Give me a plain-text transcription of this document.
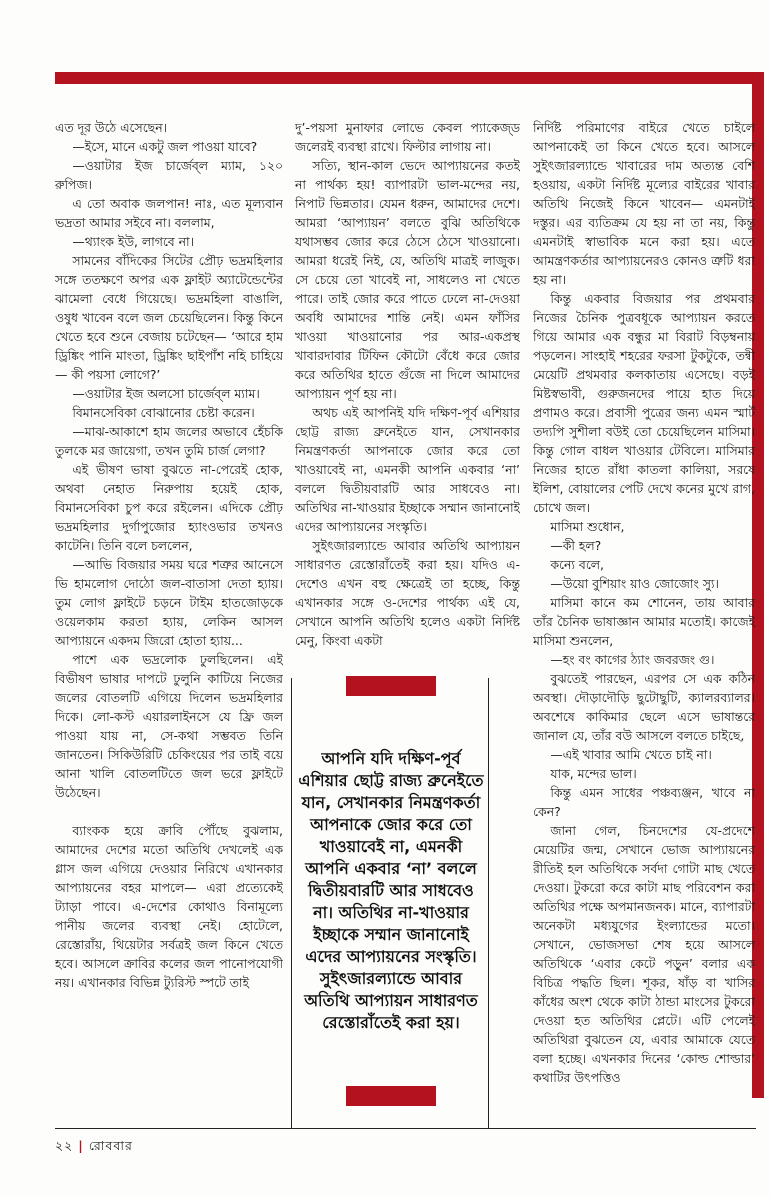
এত দূর উঠে এসেছেন।

—ইসে, মানে একটু জল পাওয়া যাবে?

—ওয়াটার ইজ চার্জেব্‌ল ম্যাম, ১২০ রুপিজ।

এ তো অবাক জলপান! নাঃ, এত মূল্যবান ভদ্রতা আমার সইবে না। বললাম,

—থ্যাংক ইউ, লাগবে না।

সামনের বাঁদিকের সিটের প্রৌঢ় ভদ্রমহিলার সঙ্গে ততক্ষণে অপর এক ফ্লাইট অ্যাটেন্ডেন্টের ঝামেলা বেধে গিয়েছে। ভদ্রমহিলা বাঙালি, ওষুধ খাবেন বলে জল চেয়েছিলেন। কিন্তু কিনে খেতে হবে শুনে বেজায় চটেছেন— ‘আরে হাম ড্রিঙ্কিং পানি মাংতা, ড্রিঙ্কিং ছাইপাঁশ নহি চাহিয়ে— কী পয়সা লোগে?’

—ওয়াটার ইজ অলসো চার্জেব্‌ল ম্যাম।

বিমানসেবিকা বোঝানোর চেষ্টা করেন।

—মাঝ-আকাশে হাম জলের অভাবে হেঁচকি তুলকে মর জায়েগা, তখন তুমি চার্জ লেগা?

এই ভীষণ ভাষা বুঝতে না-পেরেই হোক, অথবা নেহাত নিরুপায় হয়েই হোক, বিমানসেবিকা চুপ করে রইলেন। এদিকে প্রৌঢ় ভদ্রমহিলার দুর্গাপুজোর হ্যাংওভার তখনও কাটেনি। তিনি বলে চললেন,

—আভি বিজয়ার সময় ঘরে শত্রুর আনেসে ভি হামলোগ দোঠো জল-বাতাসা দেতা হ্যায়। তুম লোগ ফ্লাইটে চড়নে টাইম হাতজোড়কে ওয়েলকাম করতা হ্যায়, লেকিন আসল আপ্যায়নে একদম জিরো হোতা হ্যায়...

পাশে এক ভদ্রলোক ঢুলছিলেন। এই বিভীষণ ভাষার দাপটে ঢুলুনি কাটিয়ে নিজের জলের বোতলটি এগিয়ে দিলেন ভদ্রমহিলার দিকে। লো-কস্ট এয়ারলাইনসে যে ফ্রি জল পাওয়া যায় না, সে-কথা সম্ভবত তিনি জানতেন। সিকিউরিটি চেকিংয়ের পর তাই বয়ে আনা খালি বোতলটিতে জল ভরে ফ্লাইটে উঠেছেন।

ব্যাংকক হয়ে ক্রাবি পৌঁছে বুঝলাম, আমাদের দেশের মতো অতিথি দেখলেই এক গ্লাস জল এগিয়ে দেওয়ার নিরিখে এখানকার আপ্যায়নের বহর মাপলে— এরা প্রত্যেকেই ট্যাড়া পাবে। এ-দেশের কোথাও বিনামূল্যে পানীয় জলের ব্যবস্থা নেই। হোটেলে, রেস্তোরাঁয়, থিয়েটার সর্বত্রই জল কিনে খেতে হবে। আসলে ক্রাবির কলের জল পানোপযোগী নয়। এখানকার বিভিন্ন ট্যুরিস্ট স্পটে তাই

দু’-পয়সা মুনাফার লোভে কেবল প্যাকেজ্‌ড জলেরই ব্যবস্থা রাখে। ফিল্টার লাগায় না।

সত্যি, স্থান-কাল ভেদে আপ্যায়নের কতই না পার্থক্য হয়! ব্যাপারটা ভাল-মন্দের নয়, নিপাট ভিন্নতার। যেমন ধরুন, আমাদের দেশে। আমরা ‘আপ্যায়ন’ বলতে বুঝি অতিথিকে যথাসম্ভব জোর করে ঠেসে ঠেসে খাওয়ানো। আমরা ধরেই নিই, যে, অতিথি মাত্রই লাজুক। সে চেয়ে তো খাবেই না, সাধলেও না খেতে পারে। তাই জোর করে পাতে ঢেলে না-দেওয়া অবধি আমাদের শান্তি নেই। এমন ফাঁসির খাওয়া খাওয়ানোর পর আর-একপ্রস্থ খাবারদাবার টিফিন কৌটো বেঁধে করে জোর করে অতিথির হাতে গুঁজে না দিলে আমাদের আপ্যায়ন পূর্ণ হয় না।

অথচ এই আপনিই যদি দক্ষিণ-পূর্ব এশিয়ার ছোট্ট রাজ্য ব্রুনেইতে যান, সেখানকার নিমন্ত্রণকর্তা আপনাকে জোর করে তো খাওয়াবেই না, এমনকী আপনি একবার ‘না’ বললে দ্বিতীয়বারটি আর সাধবেও না। অতিথির না-খাওয়ার ইচ্ছাকে সম্মান জানানোই এদের আপ্যায়নের সংস্কৃতি।

সুইৎজারল্যান্ডে আবার অতিথি আপ্যায়ন সাধারণত রেস্তোরাঁতেই করা হয়। যদিও এ-দেশেও এখন বহু ক্ষেত্রেই তা হচ্ছে, কিন্তু এখানকার সঙ্গে ও-দেশের পার্থক্য এই যে, সেখানে আপনি অতিথি হলেও একটা নির্দিষ্ট মেনু, কিংবা একটা

আপনি যদি দক্ষিণ-পূর্ব এশিয়ার ছোট্ট রাজ্য ব্রুনেইতে যান, সেখানকার নিমন্ত্রণকর্তা আপনাকে জোর করে তো খাওয়াবেই না, এমনকী আপনি একবার ‘না’ বললে দ্বিতীয়বারটি আর সাধবেও না। অতিথির না-খাওয়ার ইচ্ছাকে সম্মান জানানোই এদের আপ্যায়নের সংস্কৃতি। সুইৎজারল্যান্ডে আবার অতিথি আপ্যায়ন সাধারণত রেস্তোরাঁতেই করা হয়।

নির্দিষ্ট পরিমাণের বাইরে খেতে চাইলে আপনাকেই তা কিনে খেতে হবে। আসলে সুইৎজারল্যান্ডে খাবারের দাম অত্যন্ত বেশি হওয়ায়, একটা নির্দিষ্ট মূল্যের বাইরের খাবার অতিথি নিজেই কিনে খাবেন— এমনটাই দস্তুর। এর ব্যতিক্রম যে হয় না তা নয়, কিন্তু এমনটাই স্বাভাবিক মনে করা হয়। এতে আমন্ত্রণকর্তার আপ্যায়নেরও কোনও ত্রুটি ধরা হয় না।

কিন্তু একবার বিজয়ার পর প্রথমবার নিজের চৈনিক পুত্রবধূকে আপ্যায়ন করতে গিয়ে আমার এক বন্ধুর মা বিরাট বিড়ম্বনায় পড়লেন। সাংহাই শহরের ফরসা টুকটুকে, তন্বী মেয়েটি প্রথমবার কলকাতায় এসেছে। বড়ই মিষ্টস্বভাবী, গুরুজনদের পায়ে হাত দিয়ে প্রণামও করে। প্রবাসী পুত্রের জন্য এমন স্মার্ট তদ্যপি সুশীলা বউই তো চেয়েছিলেন মাসিমা। কিন্তু গোল বাধল খাওয়ার টেবিলে। মাসিমার নিজের হাতে রাঁধা কাতলা কালিয়া, সরষে ইলিশ, বোয়ালের পেটি দেখে কনের মুখে রাগ, চোখে জল।

মাসিমা শুধোন,

—কী হল?

কন্যে বলে,

—উয়ো বুশিয়াং য়াও জোজোং স্যু।

মাসিমা কানে কম শোনেন, তায় আবার তাঁর চৈনিক ভাষাজ্ঞান আমার মতোই। কাজেই মাসিমা শুনলেন,

—হং বং কাগের ঠ্যাং জবরজং গু।

বুঝতেই পারছেন, এরপর সে এক কঠিন অবস্থা। দৌড়াদৌড়ি ছুটোছুটি, ক্যালরব্যালর। অবশেষে কাকিমার ছেলে এসে ভাষান্তরে জানাল যে, তাঁর বউ আসলে বলতে চাইছে,

—এই খাবার আমি খেতে চাই না।

যাক, মন্দের ভাল।

কিন্তু এমন সাধের পঞ্চব্যঞ্জন, খাবে না কেন?

জানা গেল, চিনদেশের যে-প্রদেশে মেয়েটির জন্ম, সেখানে ভোজ আপ্যায়নের রীতিই হল অতিথিকে সর্বদা গোটা মাছ খেতে দেওয়া। টুকরো করে কাটা মাছ পরিবেশন করা অতিথির পক্ষে অপমানজনক। মানে, ব্যাপারটা অনেকটা মধ্যযুগের ইংল্যান্ডের মতো। সেখানে, ভোজসভা শেষ হয়ে আসলে অতিথিকে ‘এবার কেটে পড়ুন’ বলার এক বিচিত্র পদ্ধতি ছিল। শূকর, ষাঁড় বা খাসির কাঁধের অংশ থেকে কাটা ঠান্ডা মাংসের টুকরো দেওয়া হত অতিথির প্লেটে। এটি পেলেই অতিথিরা বুঝতেন যে, এবার আমাকে যেতে বলা হচ্ছে। এখনকার দিনের ‘কোল্ড শোল্ডার’ কথাটির উৎপত্তিও

২২ | রোববার
